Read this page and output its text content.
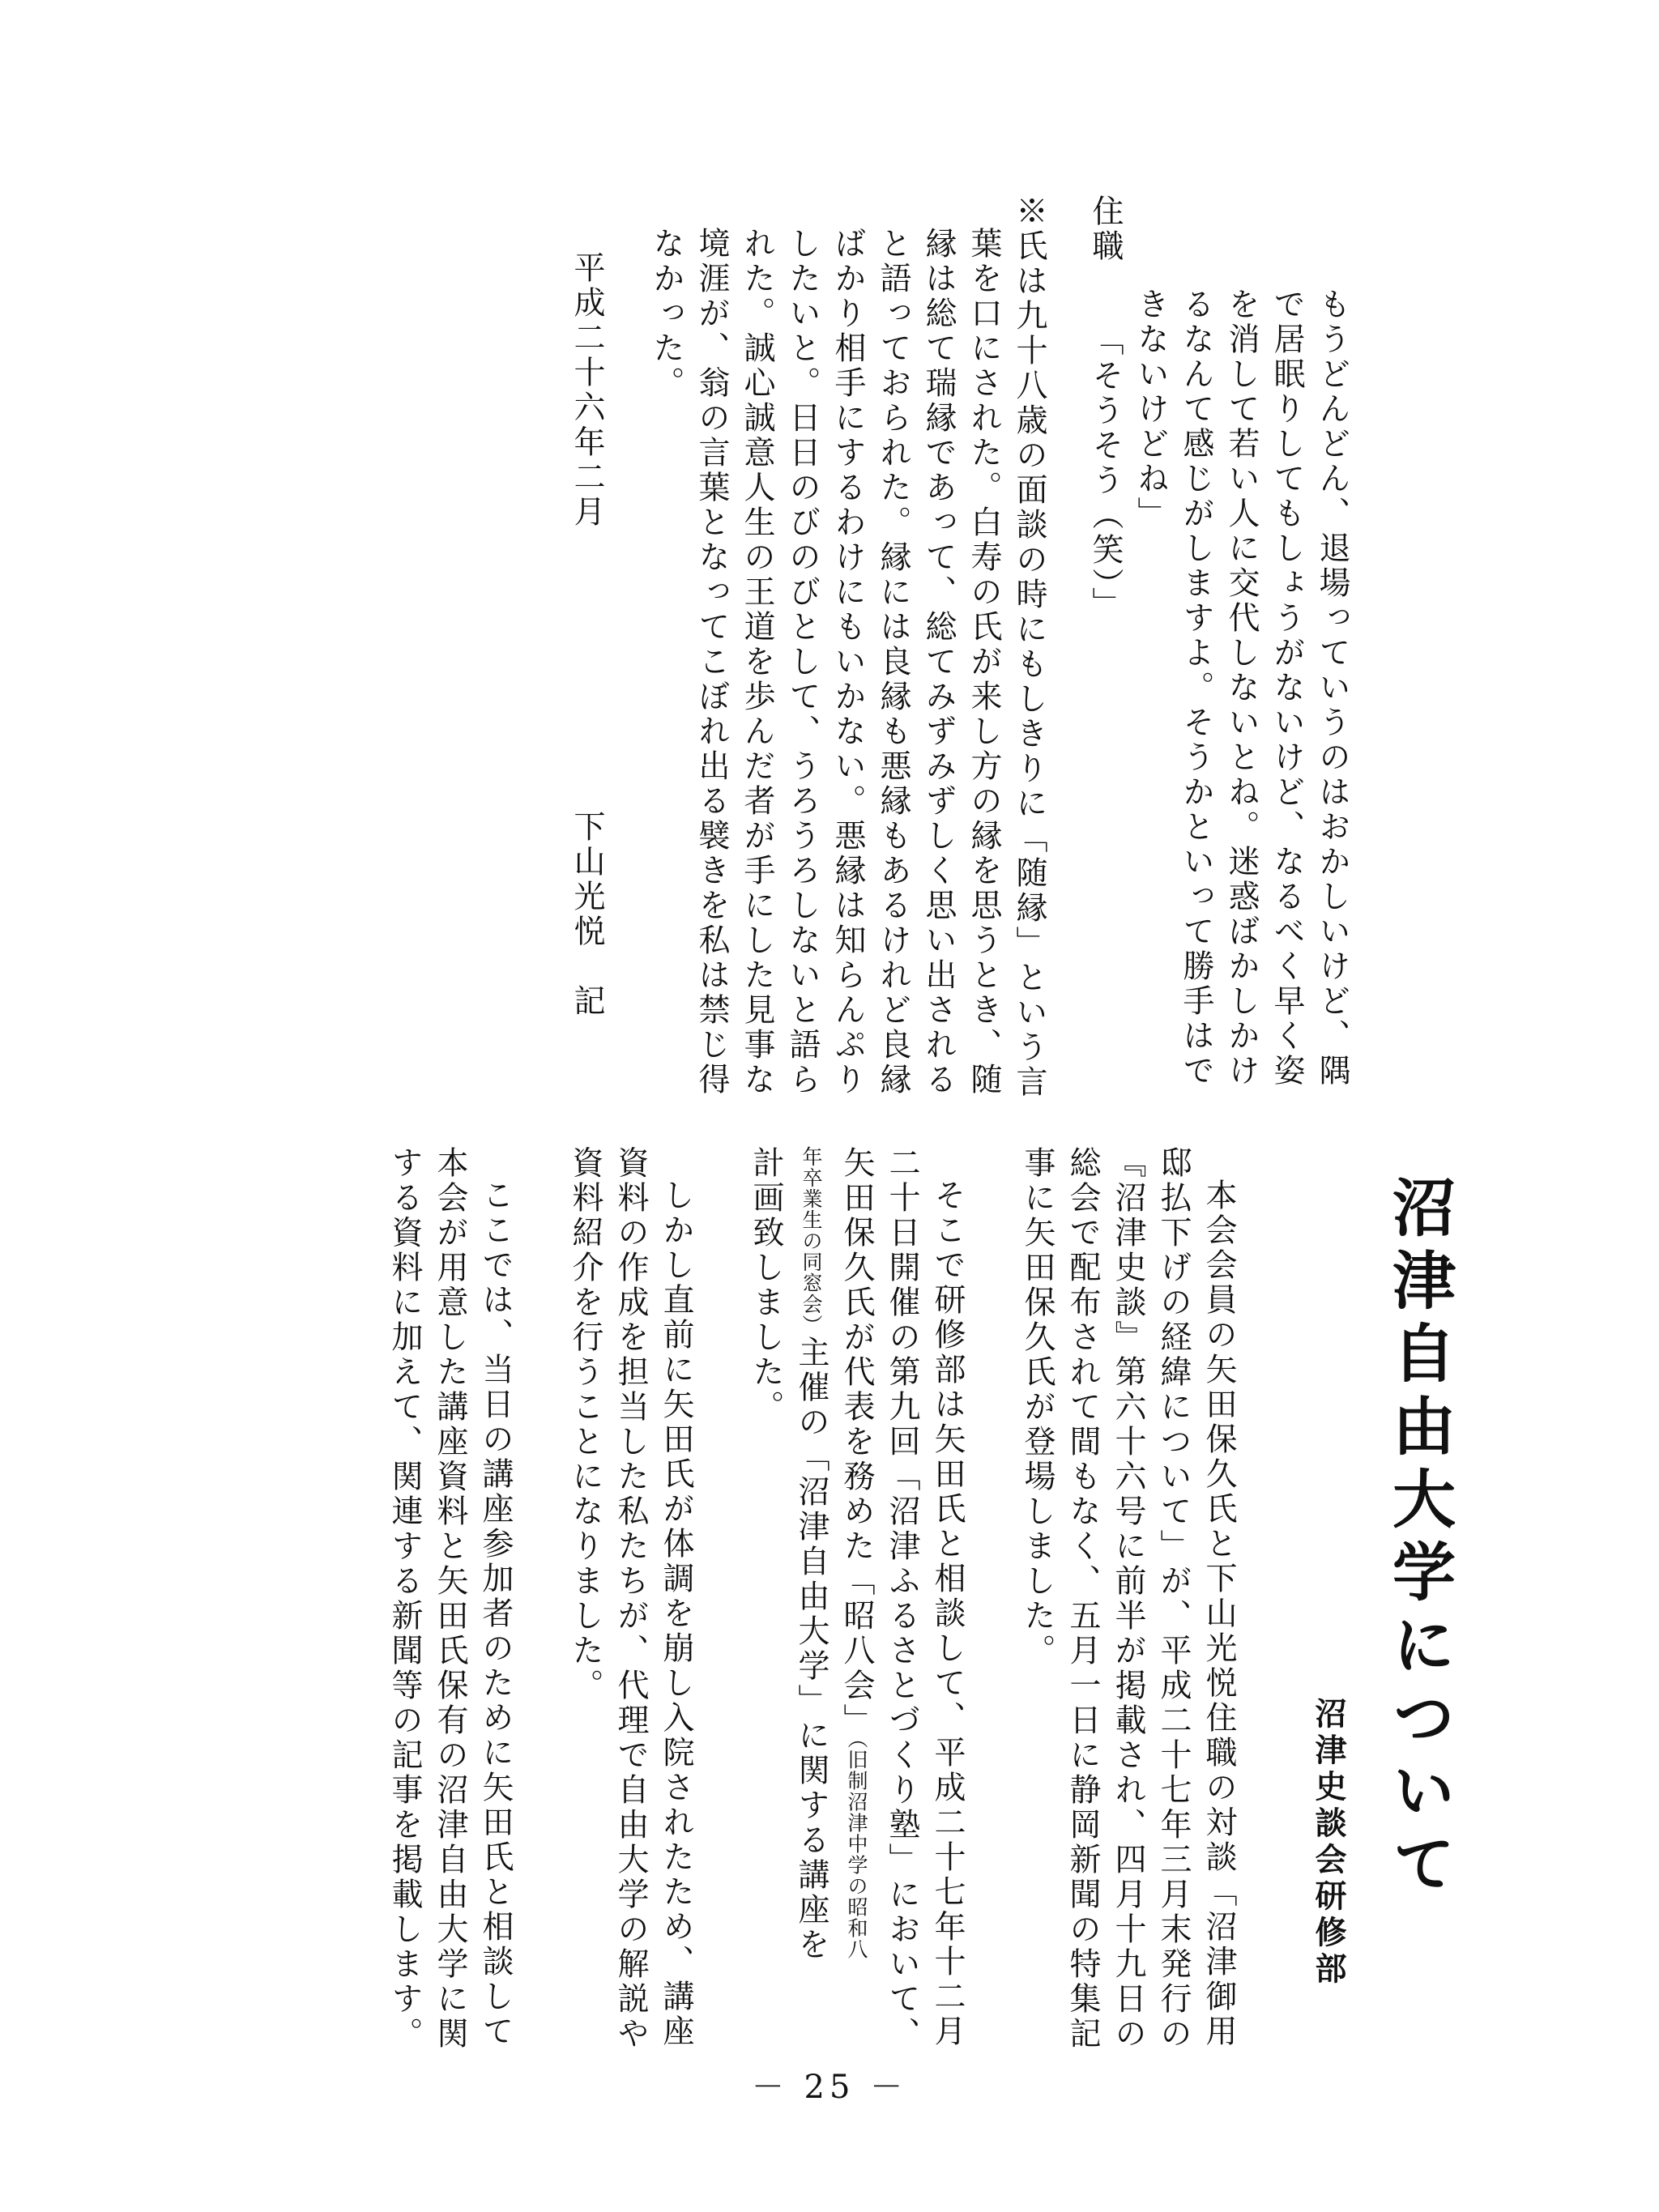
もうどんどん、退場っていうのはおかしいけど、隅
で居眠りしてもしょうがないけど、なるべく早く姿
を消して若い人に交代しないとね。迷惑ばかしかけ
るなんて感じがしますよ。そうかといって勝手はで
きないけどね」
住職
「そうそう（笑）」
※氏は九十八歳の面談の時にもしきりに「随縁」という言
葉を口にされた。白寿の氏が来し方の縁を思うとき、随
縁は総て瑞縁であって、総てみずみずしく思い出される
と語っておられた。縁には良縁も悪縁もあるけれど良縁
ばかり相手にするわけにもいかない。悪縁は知らんぷり
したいと。日日のびのびとして、うろうろしないと語ら
れた。誠心誠意人生の王道を歩んだ者が手にした見事な
境涯が、翁の言葉となってこぼれ出る襞きを私は禁じ得
なかった。
平成二十六年二月
下山光悦　記
沼津自由大学について
沼津史談会研修部
本会会員の矢田保久氏と下山光悦住職の対談「沼津御用
邸払下げの経緯について」が、平成二十七年三月末発行の
『沼津史談』第六十六号に前半が掲載され、四月十九日の
総会で配布されて間もなく、五月一日に静岡新聞の特集記
事に矢田保久氏が登場しました。
そこで研修部は矢田氏と相談して、平成二十七年十二月
二十日開催の第九回「沼津ふるさとづくり塾」において、
矢田保久氏が代表を務めた「昭八会」（旧制沼津中学の昭和八
年卒業生の同窓会）主催の「沼津自由大学」に関する講座を
計画致しました。
しかし直前に矢田氏が体調を崩し入院されたため、講座
資料の作成を担当した私たちが、代理で自由大学の解説や
資料紹介を行うことになりました。
ここでは、当日の講座参加者のために矢田氏と相談して
本会が用意した講座資料と矢田氏保有の沼津自由大学に関
する資料に加えて、関連する新聞等の記事を掲載します。
－ 25 －
